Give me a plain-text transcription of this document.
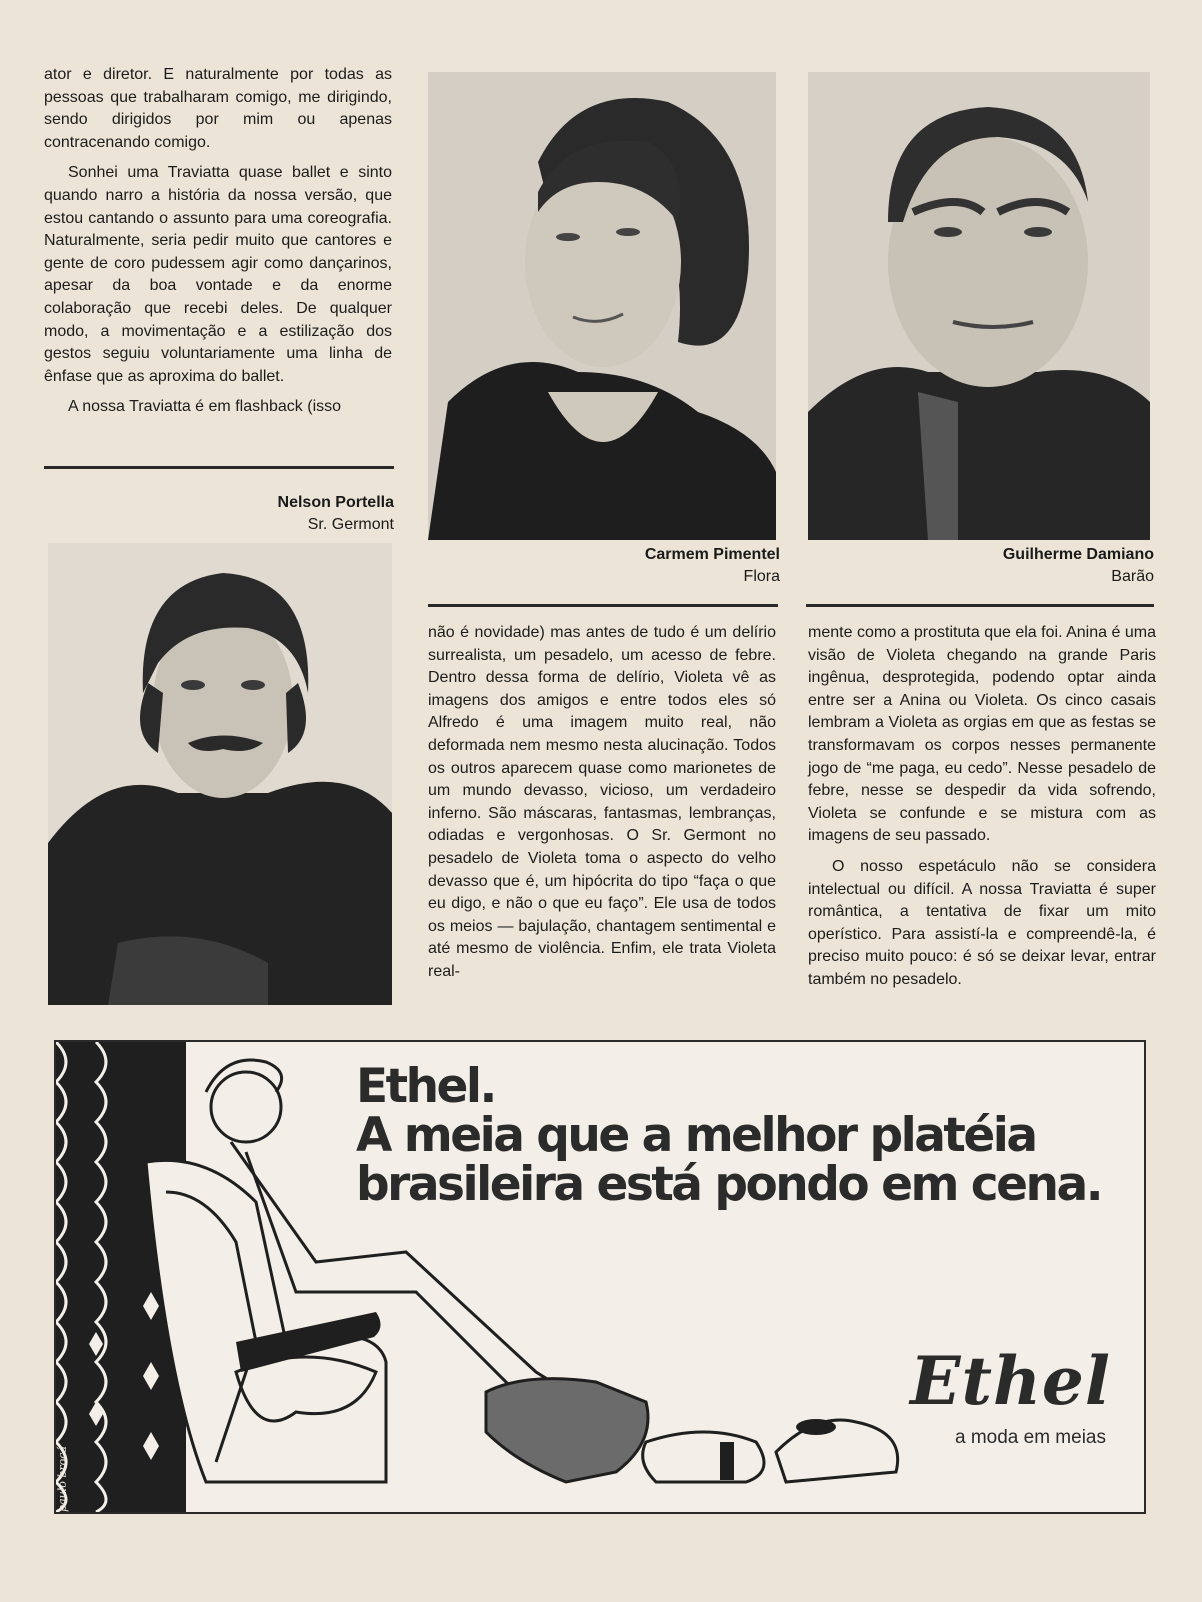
ator e diretor. E naturalmente por todas as pessoas que trabalharam comigo, me dirigindo, sendo dirigidos por mim ou apenas contracenando comigo.

Sonhei uma Traviatta quase ballet e sinto quando narro a história da nossa versão, que estou cantando o assunto para uma coreografia. Naturalmente, seria pedir muito que cantores e gente de coro pudessem agir como dançarinos, apesar da boa vontade e da enorme colaboração que recebi deles. De qualquer modo, a movimentação e a estilização dos gestos seguiu voluntariamente uma linha de ênfase que as aproxima do ballet.

A nossa Traviatta é em flashback (isso

Nelson Portella
Sr. Germont
Carmem Pimentel
Flora
Guilherme Damiano
Barão

não é novidade) mas antes de tudo é um delírio surrealista, um pesadelo, um acesso de febre. Dentro dessa forma de delírio, Violeta vê as imagens dos amigos e entre todos eles só Alfredo é uma imagem muito real, não deformada nem mesmo nesta alucinação. Todos os outros aparecem quase como marionetes de um mundo devasso, vicioso, um verdadeiro inferno. São máscaras, fantasmas, lembranças, odiadas e vergonhosas. O Sr. Germont no pesadelo de Violeta toma o aspecto do velho devasso que é, um hipócrita do tipo “faça o que eu digo, e não o que eu faço”. Ele usa de todos os meios — bajulação, chantagem sentimental e até mesmo de violência. Enfim, ele trata Violeta real-

mente como a prostituta que ela foi. Anina é uma visão de Violeta chegando na grande Paris ingênua, desprotegida, podendo optar ainda entre ser a Anina ou Violeta. Os cinco casais lembram a Violeta as orgias em que as festas se transformavam os corpos nesses permanente jogo de “me paga, eu cedo”. Nesse pesadelo de febre, nesse se despedir da vida sofrendo, Violeta se confunde e se mistura com as imagens de seu passado.

O nosso espetáculo não se considera intelectual ou difícil. A nossa Traviatta é super romântica, a tentativa de fixar um mito operístico. Para assistí-la e compreendê-la, é preciso muito pouco: é só se deixar levar, entrar também no pesadelo.

Ethel.
A meia que a melhor platéia
brasileira está pondo em cena.
Ethel
a moda em meias
paulo brocá
